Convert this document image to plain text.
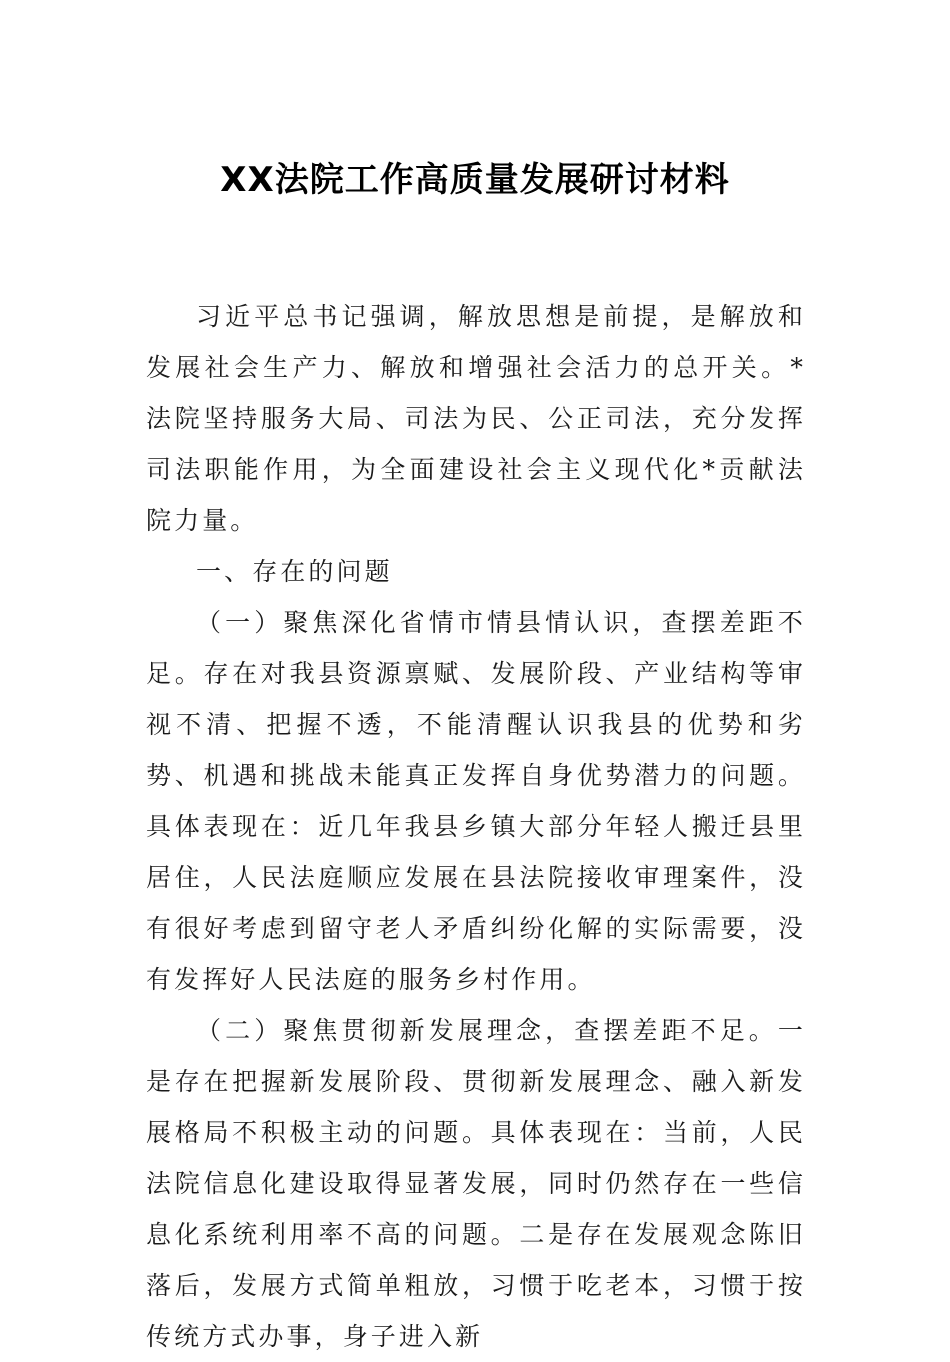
XX法院工作高质量发展研讨材料

习近平总书记强调，解放思想是前提，是解放和发展社会生产力、解放和增强社会活力的总开关。*法院坚持服务大局、司法为民、公正司法，充分发挥司法职能作用，为全面建设社会主义现代化*贡献法院力量。

一、存在的问题

（一）聚焦深化省情市情县情认识，查摆差距不足。存在对我县资源禀赋、发展阶段、产业结构等审视不清、把握不透，不能清醒认识我县的优势和劣势、机遇和挑战未能真正发挥自身优势潜力的问题。具体表现在：近几年我县乡镇大部分年轻人搬迁县里居住，人民法庭顺应发展在县法院接收审理案件，没有很好考虑到留守老人矛盾纠纷化解的实际需要，没有发挥好人民法庭的服务乡村作用。

（二）聚焦贯彻新发展理念，查摆差距不足。一是存在把握新发展阶段、贯彻新发展理念、融入新发展格局不积极主动的问题。具体表现在：当前，人民法院信息化建设取得显著发展，同时仍然存在一些信息化系统利用率不高的问题。二是存在发展观念陈旧落后，发展方式简单粗放，习惯于吃老本，习惯于按传统方式办事，身子进入新
